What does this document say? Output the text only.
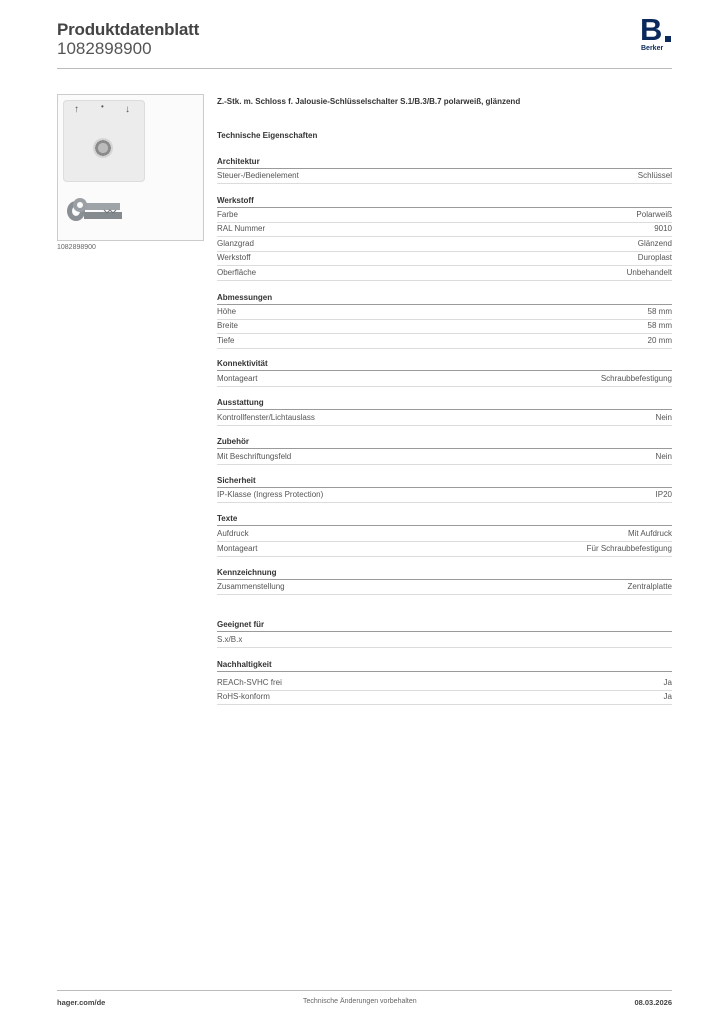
Produktdatenblatt
1082898900
B
Berker
↑	• ↓
1082898900
Z.-Stk. m. Schloss f. Jalousie-Schlüsselschalter S.1/B.3/B.7 polarweiß, glänzend
Technische Eigenschaften
Architektur
Steuer-/Bedienelement	Schlüssel
Werkstoff
Farbe	Polarweiß
RAL Nummer	9010
Glanzgrad	Glänzend
Werkstoff	Duroplast
Oberfläche	Unbehandelt
Abmessungen
Höhe	58 mm
Breite	58 mm
Tiefe	20 mm
Konnektivität
Montageart	Schraubbefestigung
Ausstattung
Kontrollfenster/Lichtauslass	Nein
Zubehör
Mit Beschriftungsfeld	Nein
Sicherheit
IP-Klasse (Ingress Protection)	IP20
Texte
Aufdruck	Mit Aufdruck
Montageart	Für Schraubbefestigung
Kennzeichnung
Zusammenstellung	Zentralplatte
Geeignet für
S.x/B.x
Nachhaltigkeit
REACh-SVHC frei	Ja
RoHS-konform	Ja
hager.com/de	Technische Änderungen vorbehalten	08.03.2026
